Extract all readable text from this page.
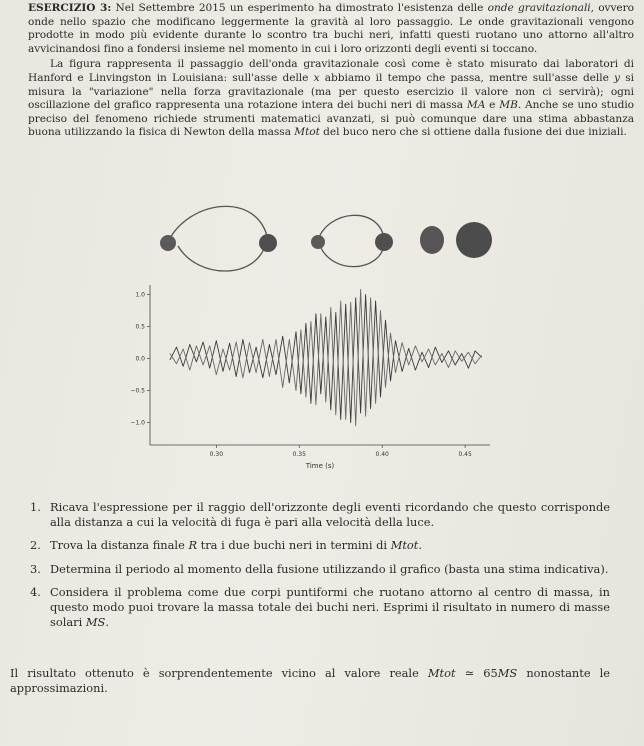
ESERCIZIO 3: Nel Settembre 2015 un esperimento ha dimostrato l'esistenza delle onde gravitazionali, ovvero onde nello spazio che modificano leggermente la gravità al loro passaggio. Le onde gravitazionali vengono prodotte in modo più evidente durante lo scontro tra buchi neri, infatti questi ruotano uno attorno all'altro avvicinandosi fino a fondersi insieme nel momento in cui i loro orizzonti degli eventi si toccano.

La figura rappresenta il passaggio dell'onda gravitazionale così come è stato misurato dai laboratori di Hanford e Linvingston in Louisiana: sull'asse delle x abbiamo il tempo che passa, mentre sull'asse delle y si misura la "variazione" nella forza gravitazionale (ma per questo esercizio il valore non ci servirà); ogni oscillazione del grafico rappresenta una rotazione intera dei buchi neri di massa MA e MB. Anche se uno studio preciso del fenomeno richiede strumenti matematici avanzati, si può comunque dare una stima abbastanza buona utilizzando la fisica di Newton della massa Mtot del buco nero che si ottiene dalla fusione dei due iniziali.

1.0
0.5
0.0
−0.5
−1.0
0.30	0.35	0.40	0.45
Time (s)
1. Ricava l'espressione per il raggio dell'orizzonte degli eventi ricordando che questo corrisponde alla distanza a cui la velocità di fuga è pari alla velocità della luce.
2. Trova la distanza finale R tra i due buchi neri in termini di Mtot.
3. Determina il periodo al momento della fusione utilizzando il grafico (basta una stima indicativa).
4. Considera il problema come due corpi puntiformi che ruotano attorno al centro di massa, in questo modo puoi trovare la massa totale dei buchi neri. Esprimi il risultato in numero di masse solari MS.

Il risultato ottenuto è sorprendentemente vicino al valore reale Mtot ≃ 65MS nonostante le approssimazioni.
